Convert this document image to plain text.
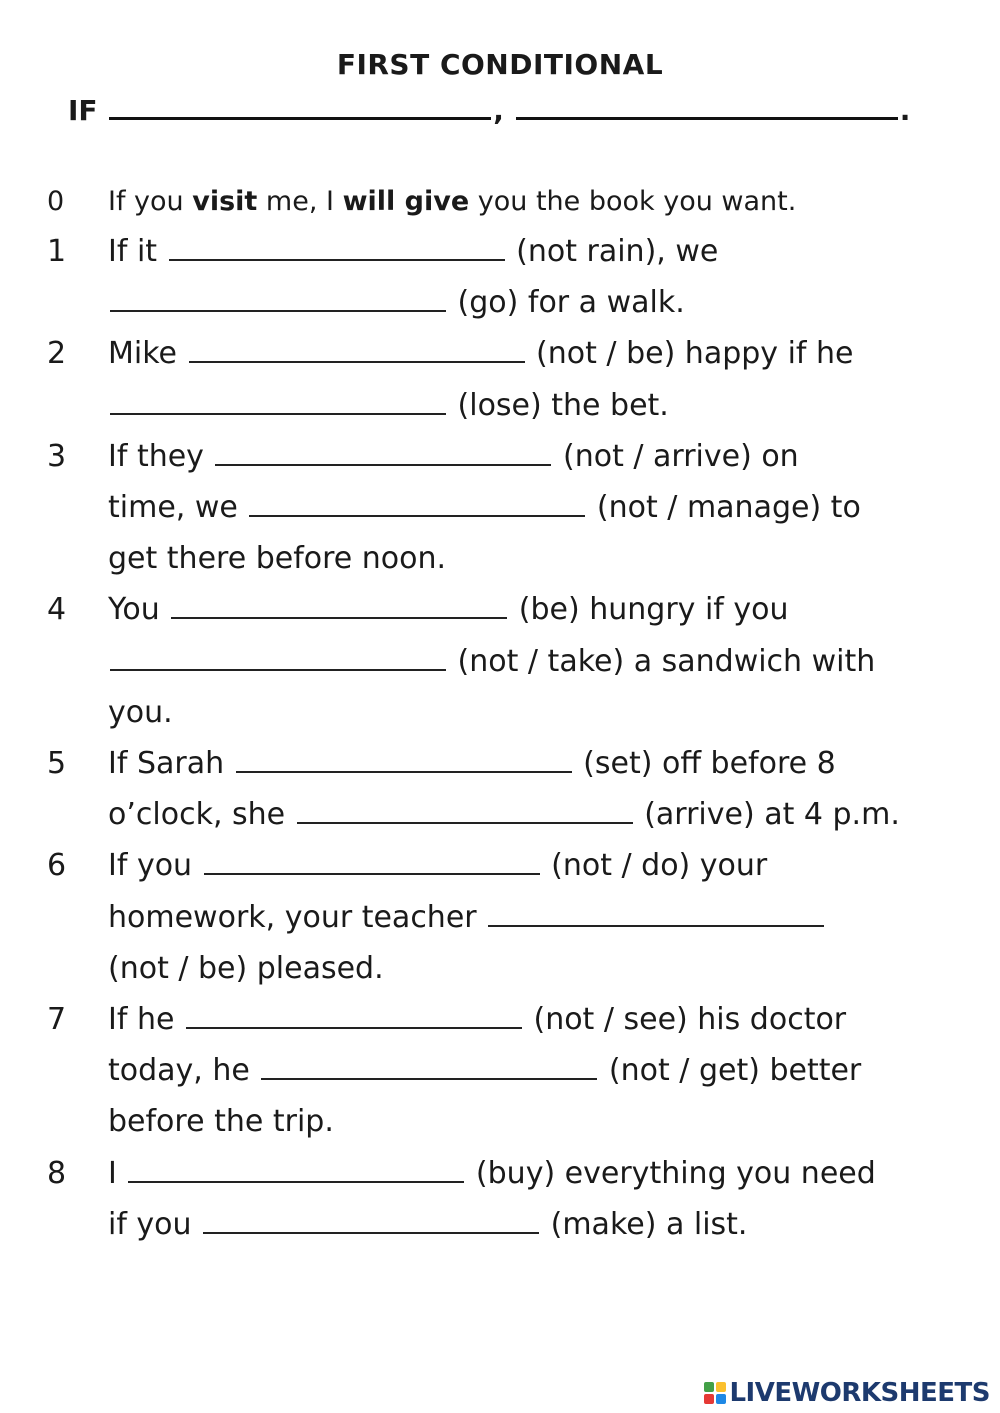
FIRST CONDITIONAL
IF	,	.
0 If you visit me, I will give you the book you want.
1 If it	(not rain), we
(go) for a walk.
2 Mike	(not / be) happy if he
(lose) the bet.
3 If they	(not / arrive) on
time, we	(not / manage) to
get there before noon.
4 You	(be) hungry if you
(not / take) a sandwich with
you.
5 If Sarah	(set) off before 8
o’clock, she	(arrive) at 4 p.m.
6 If you	(not / do) your
homework, your teacher
(not / be) pleased.
7 If he	(not / see) his doctor
today, he	(not / get) better
before the trip.
8 I	(buy) everything you need
if you	(make) a list.
LIVEWORKSHEETS
